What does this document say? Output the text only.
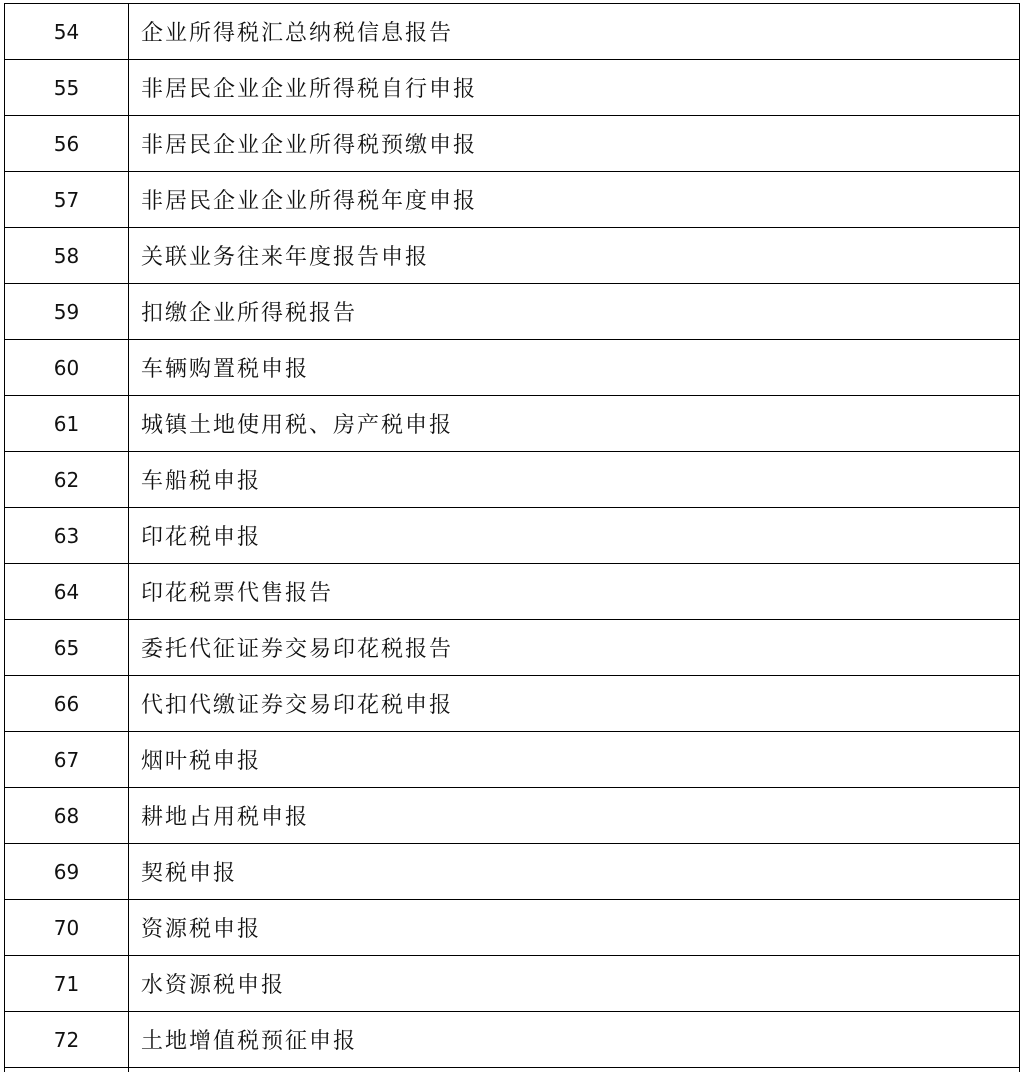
54	企业所得税汇总纳税信息报告
55	非居民企业企业所得税自行申报
56	非居民企业企业所得税预缴申报
57	非居民企业企业所得税年度申报
58	关联业务往来年度报告申报
59	扣缴企业所得税报告
60	车辆购置税申报
61	城镇土地使用税、房产税申报
62	车船税申报
63	印花税申报
64	印花税票代售报告
65	委托代征证券交易印花税报告
66	代扣代缴证券交易印花税申报
67	烟叶税申报
68	耕地占用税申报
69	契税申报
70	资源税申报
71	水资源税申报
72	土地增值税预征申报
